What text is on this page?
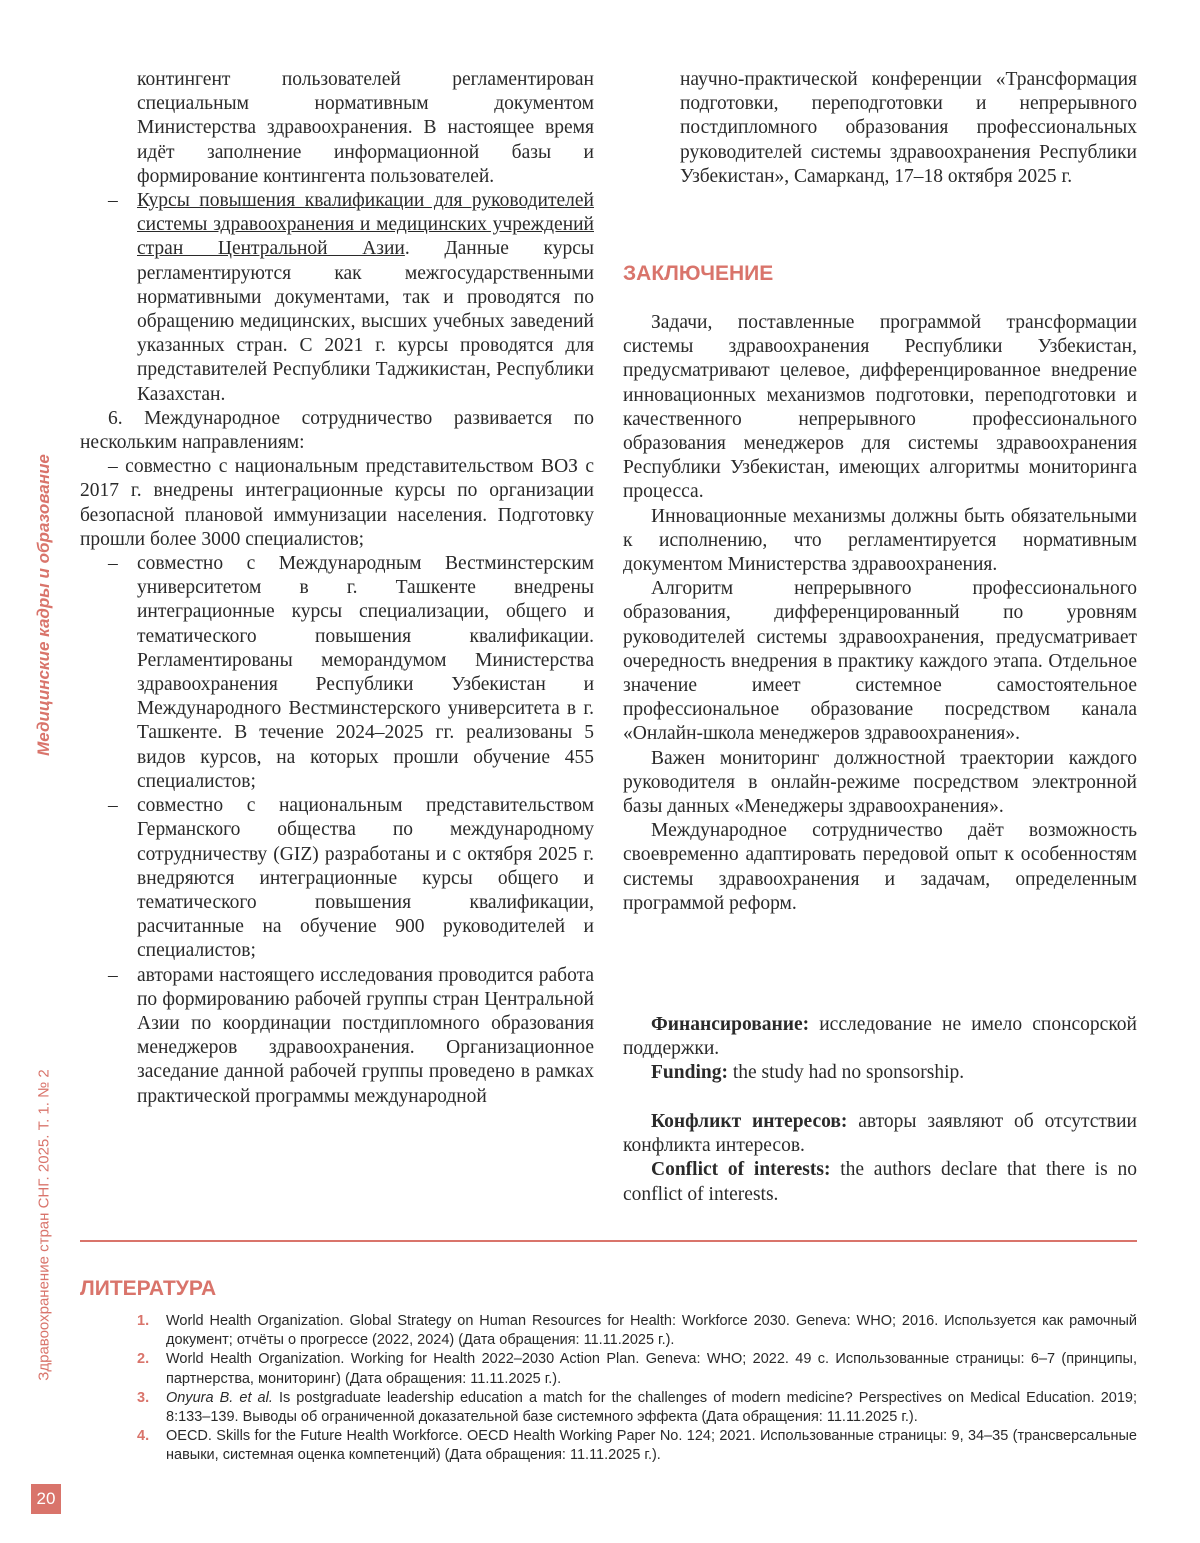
Медицинские кадры и образование
Здравоохранение стран СНГ. 2025. Т. 1. № 2
20

контингент пользователей регламентирован специальным нормативным документом Министерства здравоохранения. В настоящее время идёт заполнение информационной базы и формирование контингента пользователей.

– Курсы повышения квалификации для руководителей системы здравоохранения и медицинских учреждений стран Центральной Азии. Данные курсы регламентируются как межгосударственными нормативными документами, так и проводятся по обращению медицинских, высших учебных заведений указанных стран. С 2021 г. курсы проводятся для представителей Республики Таджикистан, Республики Казахстан.

6. Международное сотрудничество развивается по нескольким направлениям:

– совместно с национальным представительством ВОЗ с 2017 г. внедрены интеграционные курсы по организации безопасной плановой иммунизации населения. Подготовку прошли более 3000 специалистов;

– совместно с Международным Вестминстерским университетом в г. Ташкенте внедрены интеграционные курсы специализации, общего и тематического повышения квалификации. Регламентированы меморандумом Министерства здравоохранения Республики Узбекистан и Международного Вестминстерского университета в г. Ташкенте. В течение 2024–2025 гг. реализованы 5 видов курсов, на которых прошли обучение 455 специалистов;

– совместно с национальным представительством Германского общества по международному сотрудничеству (GIZ) разработаны и с октября 2025 г. внедряются интеграционные курсы общего и тематического повышения квалификации, расчитанные на обучение 900 руководителей и специалистов;

– авторами настоящего исследования проводится работа по формированию рабочей группы стран Центральной Азии по координации постдипломного образования менеджеров здравоохранения. Организационное заседание данной рабочей группы проведено в рамках практической программы международной

научно-практической конференции «Трансформация подготовки, переподготовки и непрерывного постдипломного образования профессиональных руководителей системы здравоохранения Республики Узбекистан», Самарканд, 17–18 октября 2025 г.

ЗАКЛЮЧЕНИЕ

Задачи, поставленные программой трансформации системы здравоохранения Республики Узбекистан, предусматривают целевое, дифференцированное внедрение инновационных механизмов подготовки, переподготовки и качественного непрерывного профессионального образования менеджеров для системы здравоохранения Республики Узбекистан, имеющих алгоритмы мониторинга процесса.

Инновационные механизмы должны быть обязательными к исполнению, что регламентируется нормативным документом Министерства здравоохранения.

Алгоритм непрерывного профессионального образования, дифференцированный по уровням руководителей системы здравоохранения, предусматривает очередность внедрения в практику каждого этапа. Отдельное значение имеет системное самостоятельное профессиональное образование посредством канала «Онлайн-школа менеджеров здравоохранения».

Важен мониторинг должностной траектории каждого руководителя в онлайн-режиме посредством электронной базы данных «Менеджеры здравоохранения».

Международное сотрудничество даёт возможность своевременно адаптировать передовой опыт к особенностям системы здравоохранения и задачам, определенным программой реформ.

Финансирование: исследование не имело спонсорской поддержки.

Funding: the study had no sponsorship.

Конфликт интересов: авторы заявляют об отсутствии конфликта интересов.

Conflict of interests: the authors declare that there is no conflict of interests.

ЛИТЕРАТУРА
1. World Health Organization. Global Strategy on Human Resources for Health: Workforce 2030. Geneva: WHO; 2016. Используется как рамочный документ; отчёты о прогрессе (2022, 2024) (Дата обращения: 11.11.2025 г.).
2. World Health Organization. Working for Health 2022–2030 Action Plan. Geneva: WHO; 2022. 49 с. Использованные страницы: 6–7 (принципы, партнерства, мониторинг) (Дата обращения: 11.11.2025 г.).
3. Onyura B. et al. Is postgraduate leadership education a match for the challenges of modern medicine? Perspectives on Medical Education. 2019; 8:133–139. Выводы об ограниченной доказательной базе системного эффекта (Дата обращения: 11.11.2025 г.).
4. OECD. Skills for the Future Health Workforce. OECD Health Working Paper No. 124; 2021. Использованные страницы: 9, 34–35 (трансверсальные навыки, системная оценка компетенций) (Дата обращения: 11.11.2025 г.).
